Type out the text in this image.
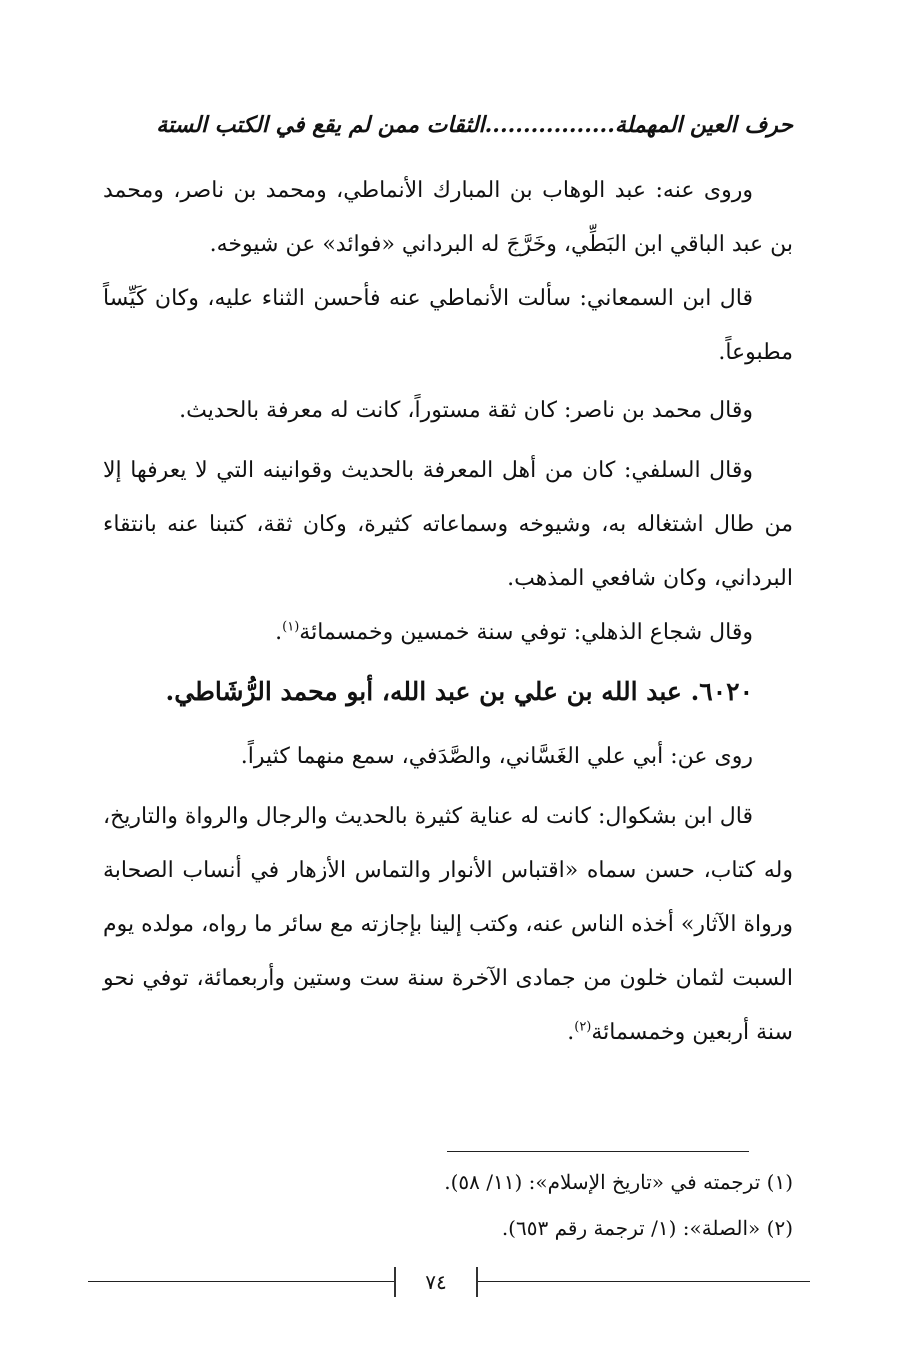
حرف العين المهملة.................الثقات ممن لم يقع في الكتب الستة

وروى عنه: عبد الوهاب بن المبارك الأنماطي، ومحمد بن ناصر، ومحمد بن عبد الباقي ابن البَطِّي، وخَرَّجَ له البرداني «فوائد» عن شيوخه.

قال ابن السمعاني: سألت الأنماطي عنه فأحسن الثناء عليه، وكان كَيِّساً مطبوعاً.

وقال محمد بن ناصر: كان ثقة مستوراً، كانت له معرفة بالحديث.

وقال السلفي: كان من أهل المعرفة بالحديث وقوانينه التي لا يعرفها إلا من طال اشتغاله به، وشيوخه وسماعاته كثيرة، وكان ثقة، كتبنا عنه بانتقاء البرداني، وكان شافعي المذهب.

وقال شجاع الذهلي: توفي سنة خمسين وخمسمائة$^{(١)}$.

٦٠٢٠. عبد الله بن علي بن عبد الله، أبو محمد الرُّشَاطي.

روى عن: أبي علي الغَسَّاني، والصَّدَفي، سمع منهما كثيراً.

قال ابن بشكوال: كانت له عناية كثيرة بالحديث والرجال والرواة والتاريخ، وله كتاب، حسن سماه «اقتباس الأنوار والتماس الأزهار في أنساب الصحابة ورواة الآثار» أخذه الناس عنه، وكتب إلينا بإجازته مع سائر ما رواه، مولده يوم السبت لثمان خلون من جمادى الآخرة سنة ست وستين وأربعمائة، توفي نحو سنة أربعين وخمسمائة$^{(٢)}$.

(١) ترجمته في «تاريخ الإسلام»: (١١/ ٥٨).
(٢) «الصلة»: (١/ ترجمة رقم ٦٥٣).
٧٤
